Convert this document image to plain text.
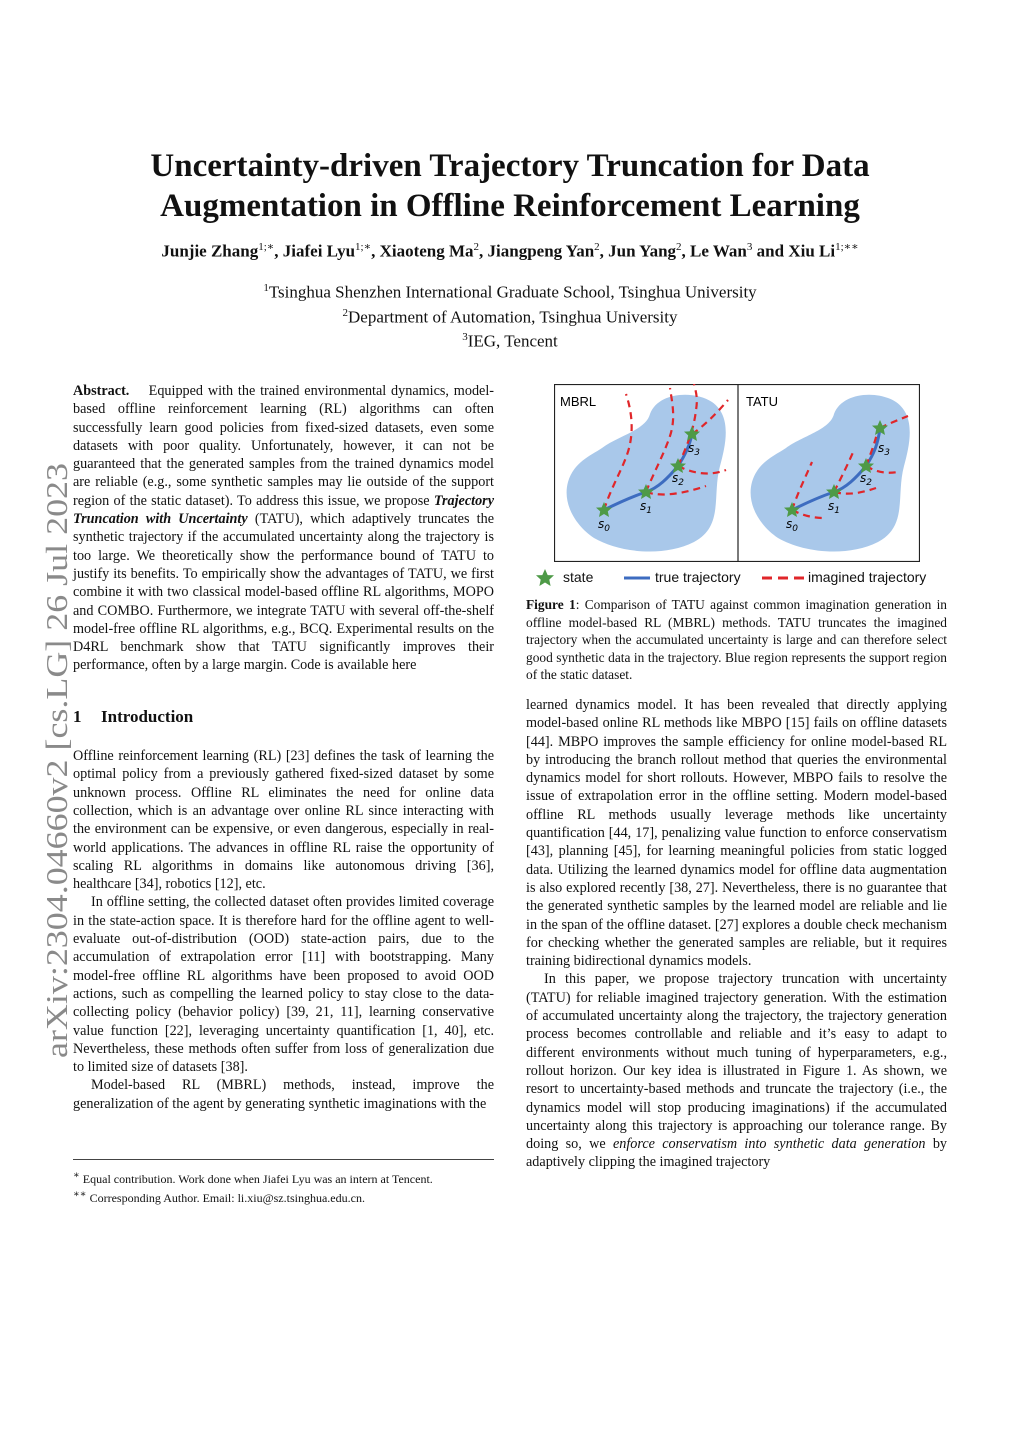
Uncertainty-driven Trajectory Truncation for Data
Augmentation in Offline Reinforcement Learning
Junjie Zhang$^{1;∗}$, Jiafei Lyu$^{1;∗}$, Xiaoteng Ma$^2$, Jiangpeng Yan$^2$, Jun Yang$^2$, Le Wan$^3$ and Xiu $Li^{1;∗∗}$
$^1$Tsinghua Shenzhen International Graduate School, Tsinghua University
$^2$Department of Automation, Tsinghua University
$^3$IEG, Tencent
arXiv:2304.04660v2 [cs.LG] 26 Jul 2023

Abstract. Equipped with the trained environmental dynamics, model-based offline reinforcement learning (RL) algorithms can often successfully learn good policies from fixed-sized datasets, even some datasets with poor quality. Unfortunately, however, it can not be guaranteed that the generated samples from the trained dynamics model are reliable (e.g., some synthetic samples may lie outside of the support region of the static dataset). To address this issue, we propose Trajectory Truncation with Uncertainty (TATU), which adaptively truncates the synthetic trajectory if the accumulated uncertainty along the trajectory is too large. We theoretically show the performance bound of TATU to justify its benefits. To empirically show the advantages of TATU, we first combine it with two classical model-based offline RL algorithms, MOPO and COMBO. Furthermore, we integrate TATU with several off-the-shelf model-free offline RL algorithms, e.g., BCQ. Experimental results on the D4RL benchmark show that TATU significantly improves their performance, often by a large margin. Code is available here

1 Introduction

Offline reinforcement learning (RL) [23] defines the task of learning the optimal policy from a previously gathered fixed-sized dataset by some unknown process. Offline RL eliminates the need for online data collection, which is an advantage over online RL since interacting with the environment can be expensive, or even dangerous, especially in real-world applications. The advances in offline RL raise the opportunity of scaling RL algorithms in domains like autonomous driving [36], healthcare [34], robotics [12], etc.

In offline setting, the collected dataset often provides limited coverage in the state-action space. It is therefore hard for the offline agent to well-evaluate out-of-distribution (OOD) state-action pairs, due to the accumulation of extrapolation error [11] with bootstrapping. Many model-free offline RL algorithms have been proposed to avoid OOD actions, such as compelling the learned policy to stay close to the data-collecting policy (behavior policy) [39, 21, 11], learning conservative value function [22], leveraging uncertainty quantification [1, 40], etc. Nevertheless, these methods often suffer from loss of generalization due to limited size of datasets [38].

Model-based RL (MBRL) methods, instead, improve the generalization of the agent by generating synthetic imaginations with the

∗ Equal contribution. Work done when Jiafei Lyu was an intern at Tencent.

∗∗ Corresponding Author. Email: li.xiu@sz.tsinghua.edu.cn.

MBRL
$s_0$
$s_1$
$s_2$
$s_3$
TATU
$s_0$
$s_1$
$s_2$
$s_3$
state	true trajectory	imagined trajectory
Figure 1: Comparison of TATU against common imagination generation in offline model-based RL (MBRL) methods. TATU truncates the imagined trajectory when the accumulated uncertainty is large and can therefore select good synthetic data in the trajectory. Blue region represents the support region of the static dataset.

learned dynamics model. It has been revealed that directly applying model-based online RL methods like MBPO [15] fails on offline datasets [44]. MBPO improves the sample efficiency for online model-based RL by introducing the branch rollout method that queries the environmental dynamics model for short rollouts. However, MBPO fails to resolve the issue of extrapolation error in the offline setting. Modern model-based offline RL methods usually leverage methods like uncertainty quantification [44, 17], penalizing value function to enforce conservatism [43], planning [45], for learning meaningful policies from static logged data. Utilizing the learned dynamics model for offline data augmentation is also explored recently [38, 27]. Nevertheless, there is no guarantee that the generated synthetic samples by the learned model are reliable and lie in the span of the offline dataset. [27] explores a double check mechanism for checking whether the generated samples are reliable, but it requires training bidirectional dynamics models.

In this paper, we propose trajectory truncation with uncertainty (TATU) for reliable imagined trajectory generation. With the estimation of accumulated uncertainty along the trajectory, the trajectory generation process becomes controllable and reliable and it’s easy to adapt to different environments without much tuning of hyperparameters, e.g., rollout horizon. Our key idea is illustrated in Figure 1. As shown, we resort to uncertainty-based methods and truncate the trajectory (i.e., the dynamics model will stop producing imaginations) if the accumulated uncertainty along this trajectory is approaching our tolerance range. By doing so, we enforce conservatism into synthetic data generation by adaptively clipping the imagined trajectory
